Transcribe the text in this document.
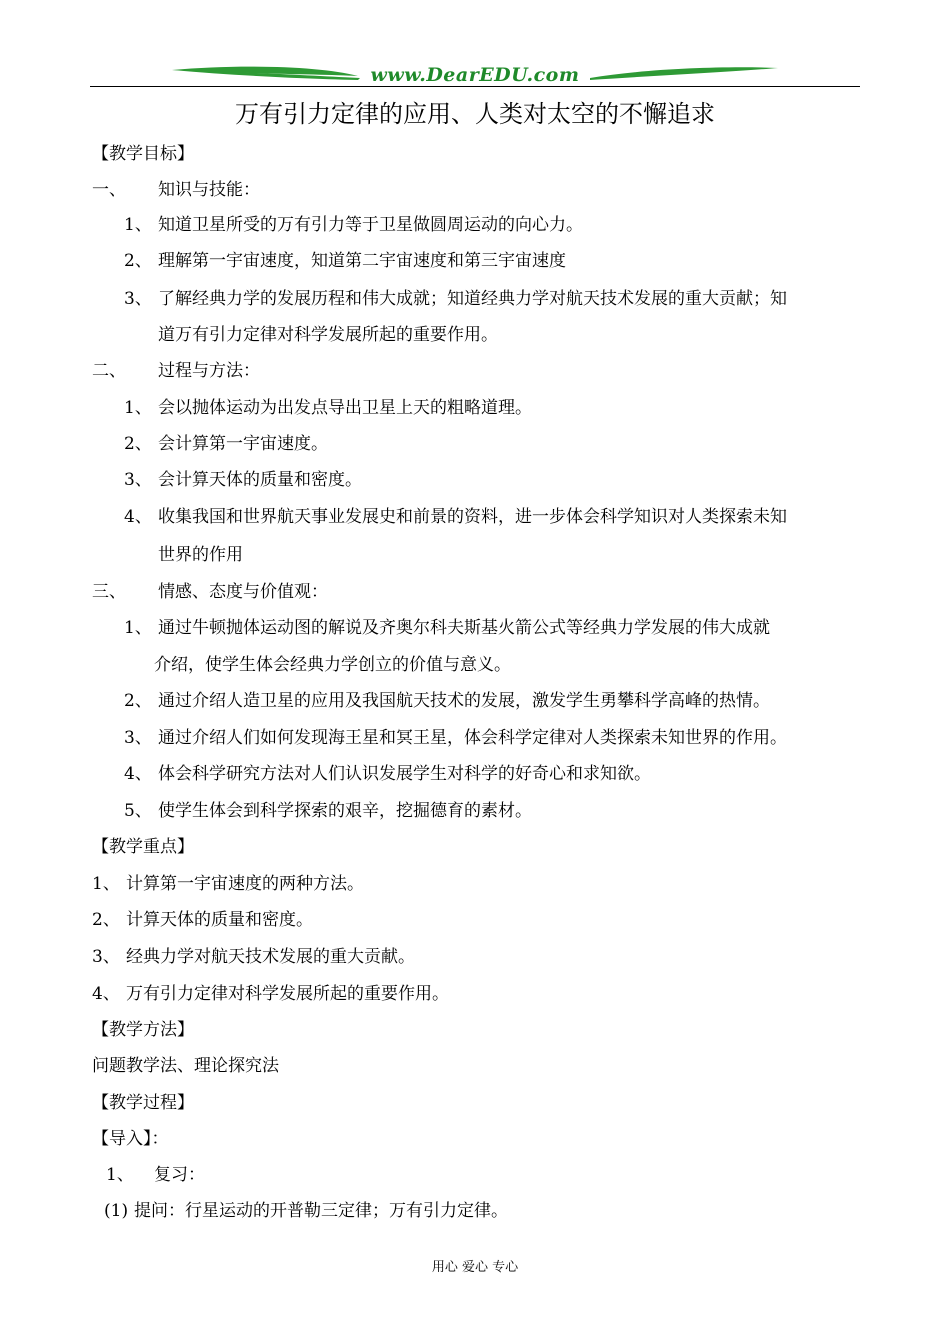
www.DearEDU.com
万有引力定律的应用、人类对太空的不懈追求
【教学目标】
一、 知识与技能：
1、 知道卫星所受的万有引力等于卫星做圆周运动的向心力。
2、 理解第一宇宙速度，知道第二宇宙速度和第三宇宙速度
3、 了解经典力学的发展历程和伟大成就；知道经典力学对航天技术发展的重大贡献；知
道万有引力定律对科学发展所起的重要作用。
二、 过程与方法：
1、 会以抛体运动为出发点导出卫星上天的粗略道理。
2、 会计算第一宇宙速度。
3、 会计算天体的质量和密度。
4、 收集我国和世界航天事业发展史和前景的资料，进一步体会科学知识对人类探索未知
世界的作用
三、 情感、态度与价值观：
1、 通过牛顿抛体运动图的解说及齐奥尔科夫斯基火箭公式等经典力学发展的伟大成就
介绍，使学生体会经典力学创立的价值与意义。
2、 通过介绍人造卫星的应用及我国航天技术的发展，激发学生勇攀科学高峰的热情。
3、 通过介绍人们如何发现海王星和冥王星，体会科学定律对人类探索未知世界的作用。
4、 体会科学研究方法对人们认识发展学生对科学的好奇心和求知欲。
5、 使学生体会到科学探索的艰辛，挖掘德育的素材。
【教学重点】
1、 计算第一宇宙速度的两种方法。
2、 计算天体的质量和密度。
3、 经典力学对航天技术发展的重大贡献。
4、 万有引力定律对科学发展所起的重要作用。
【教学方法】
问题教学法、理论探究法
【教学过程】
【导入】：
1、 复习：
(1) 提问：行星运动的开普勒三定律；万有引力定律。
用心 爱心 专心
